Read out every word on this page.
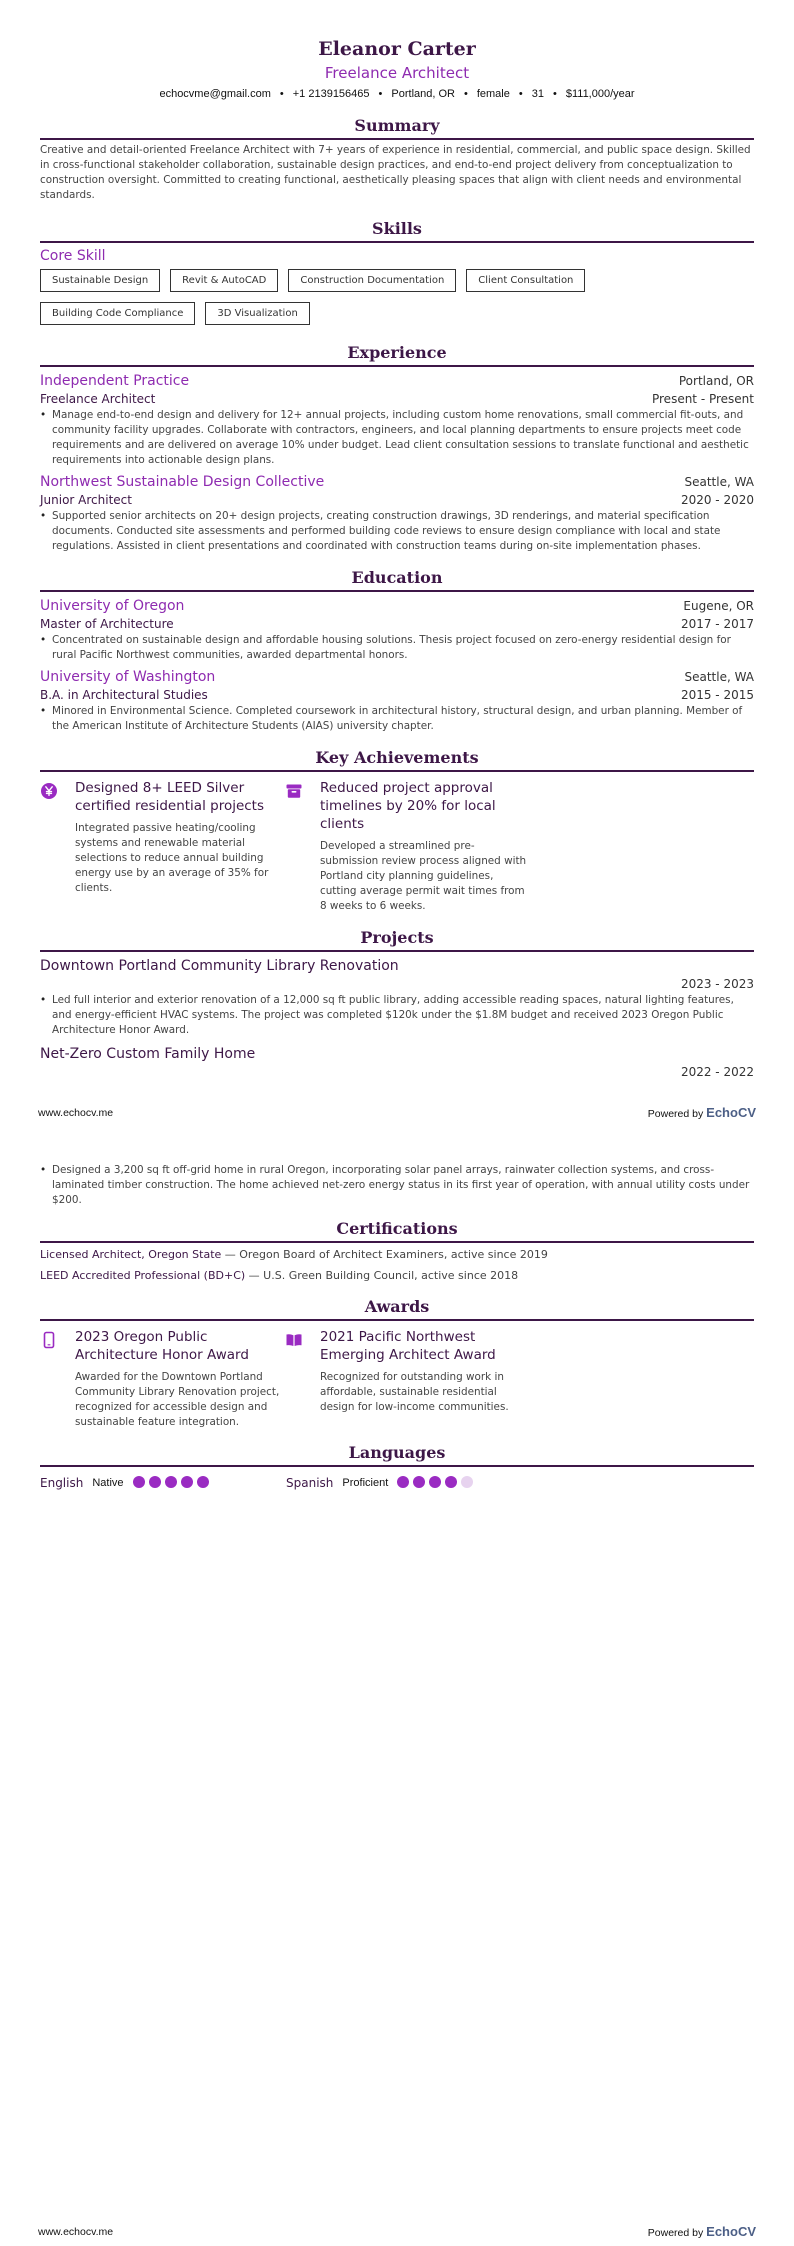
Eleanor Carter
Freelance Architect
echocvme@gmail.com • +1 2139156465 • Portland, OR • female • 31 • $111,000/year
Summary

Creative and detail-oriented Freelance Architect with 7+ years of experience in residential, commercial, and public space design. Skilled in cross-functional stakeholder collaboration, sustainable design practices, and end-to-end project delivery from conceptualization to construction oversight. Committed to creating functional, aesthetically pleasing spaces that align with client needs and environmental standards.

Skills
Core Skill
Sustainable Design	Revit & AutoCAD	Construction Documentation	Client Consultation
Building Code Compliance	3D Visualization
Experience
Independent Practice	Portland, OR
Freelance Architect	Present - Present
• Manage end-to-end design and delivery for 12+ annual projects, including custom home renovations, small commercial fit-outs, and community facility upgrades. Collaborate with contractors, engineers, and local planning departments to ensure projects meet code requirements and are delivered on average 10% under budget. Lead client consultation sessions to translate functional and aesthetic requirements into actionable design plans.
Northwest Sustainable Design Collective	Seattle, WA
Junior Architect	2020 - 2020
• Supported senior architects on 20+ design projects, creating construction drawings, 3D renderings, and material specification documents. Conducted site assessments and performed building code reviews to ensure design compliance with local and state regulations. Assisted in client presentations and coordinated with construction teams during on-site implementation phases.
Education
University of Oregon	Eugene, OR
Master of Architecture	2017 - 2017
• Concentrated on sustainable design and affordable housing solutions. Thesis project focused on zero-energy residential design for rural Pacific Northwest communities, awarded departmental honors.
University of Washington	Seattle, WA
B.A. in Architectural Studies	2015 - 2015
• Minored in Environmental Science. Completed coursework in architectural history, structural design, and urban planning. Member of the American Institute of Architecture Students (AIAS) university chapter.
Key Achievements
Designed 8+ LEED Silver certified residential projects
Integrated passive heating/cooling systems and renewable material selections to reduce annual building energy use by an average of 35% for clients.
Reduced project approval timelines by 20% for local clients
Developed a streamlined pre-submission review process aligned with Portland city planning guidelines, cutting average permit wait times from 8 weeks to 6 weeks.
Projects
Downtown Portland Community Library Renovation
2023 - 2023
• Led full interior and exterior renovation of a 12,000 sq ft public library, adding accessible reading spaces, natural lighting features, and energy-efficient HVAC systems. The project was completed $120k under the $1.8M budget and received 2023 Oregon Public Architecture Honor Award.
Net-Zero Custom Family Home
2022 - 2022
www.echocv.me	Powered by EchoCV
• Designed a 3,200 sq ft off-grid home in rural Oregon, incorporating solar panel arrays, rainwater collection systems, and cross-laminated timber construction. The home achieved net-zero energy status in its first year of operation, with annual utility costs under $200.
Certifications
Licensed Architect, Oregon State — Oregon Board of Architect Examiners, active since 2019
LEED Accredited Professional (BD+C) — U.S. Green Building Council, active since 2018
Awards
2023 Oregon Public Architecture Honor Award
Awarded for the Downtown Portland Community Library Renovation project, recognized for accessible design and sustainable feature integration.
2021 Pacific Northwest Emerging Architect Award
Recognized for outstanding work in affordable, sustainable residential design for low-income communities.
Languages
English Native	Spanish Proficient
www.echocv.me	Powered by EchoCV
